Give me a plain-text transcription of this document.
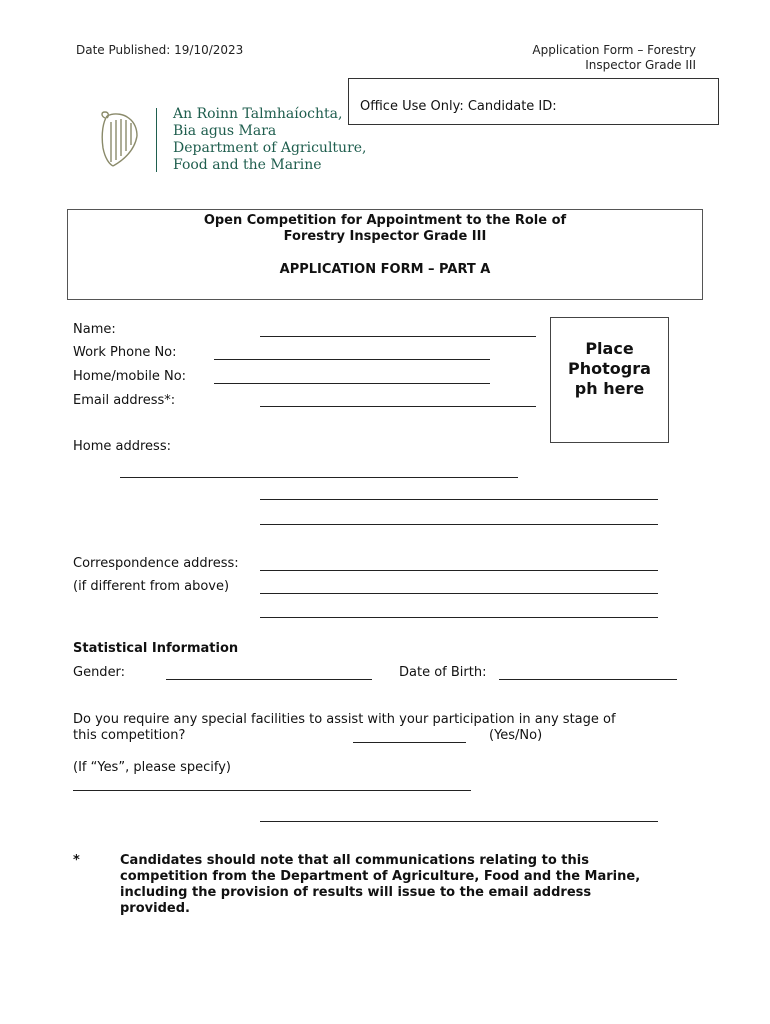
Date Published: 19/10/2023	Application Form – Forestry
Inspector Grade III
Office Use Only: Candidate ID:
An Roinn Talmhaíochta,
Bia agus Mara
Department of Agriculture,
Food and the Marine
Open Competition for Appointment to the Role of
Forestry Inspector Grade III
APPLICATION FORM – PART A
Place
Photogra
ph here
Name:
Work Phone No:
Home/mobile No:
Email address*:
Home address:
Correspondence address:
(if different from above)
Statistical Information
Gender:	Date of Birth:
Do you require any special facilities to assist with your participation in any stage of
this competition?	(Yes/No)
(If “Yes”, please specify)
*	Candidates should note that all communications relating to this
competition from the Department of Agriculture, Food and the Marine,
including the provision of results will issue to the email address
provided.
